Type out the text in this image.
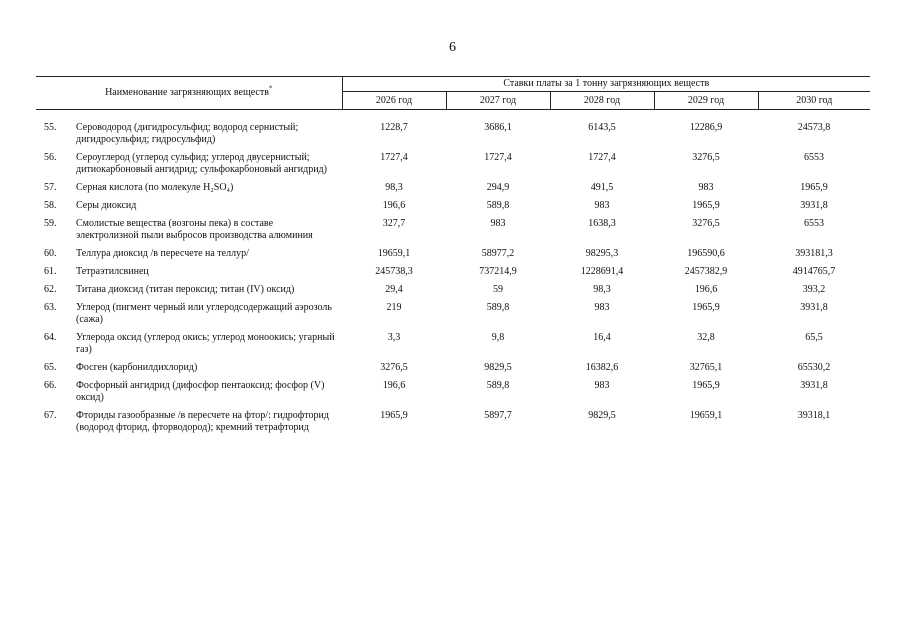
6
Наименование загрязняющих веществ*		Ставки платы за 1 тонну загрязняющих веществ				
		2026 год	2027 год	2028 год	2029 год	2030 год

55.	Сероводород (дигидросульфид; водород сернистый; дигидросульфид; гидросульфид)	1228,7	3686,1	6143,5	12286,9	24573,8
56.	Сероуглерод (углерод сульфид; углерод двусернистый; дитиокарбоновый ангидрид; сульфокарбоновый ангидрид)	1727,4	1727,4	1727,4	3276,5	6553
57.	Серная кислота (по молекуле H₂SO₄)	98,3	294,9	491,5	983	1965,9
58.	Серы диоксид	196,6	589,8	983	1965,9	3931,8
59.	Смолистые вещества (возгоны пека) в составе электролизной пыли выбросов производства алюминия	327,7	983	1638,3	3276,5	6553
60.	Теллура диоксид /в пересчете на теллур/	19659,1	58977,2	98295,3	196590,6	393181,3
61.	Тетраэтилсвинец	245738,3	737214,9	1228691,4	2457382,9	4914765,7
62.	Титана диоксид (титан пероксид; титан (IV) оксид)	29,4	59	98,3	196,6	393,2
63.	Углерод (пигмент черный или углеродсодержащий аэрозоль (сажа)	219	589,8	983	1965,9	3931,8
64.	Углерода оксид (углерод окись; углерод моноокись; угарный газ)	3,3	9,8	16,4	32,8	65,5
65.	Фосген (карбонилдихлорид)	3276,5	9829,5	16382,6	32765,1	65530,2
66.	Фосфорный ангидрид (дифосфор пентаоксид; фосфор (V) оксид)	196,6	589,8	983	1965,9	3931,8
67.	Фториды газообразные /в пересчете на фтор/: гидрофторид (водород фторид, фторводород); кремний тетрафторид	1965,9	5897,7	9829,5	19659,1	39318,1
